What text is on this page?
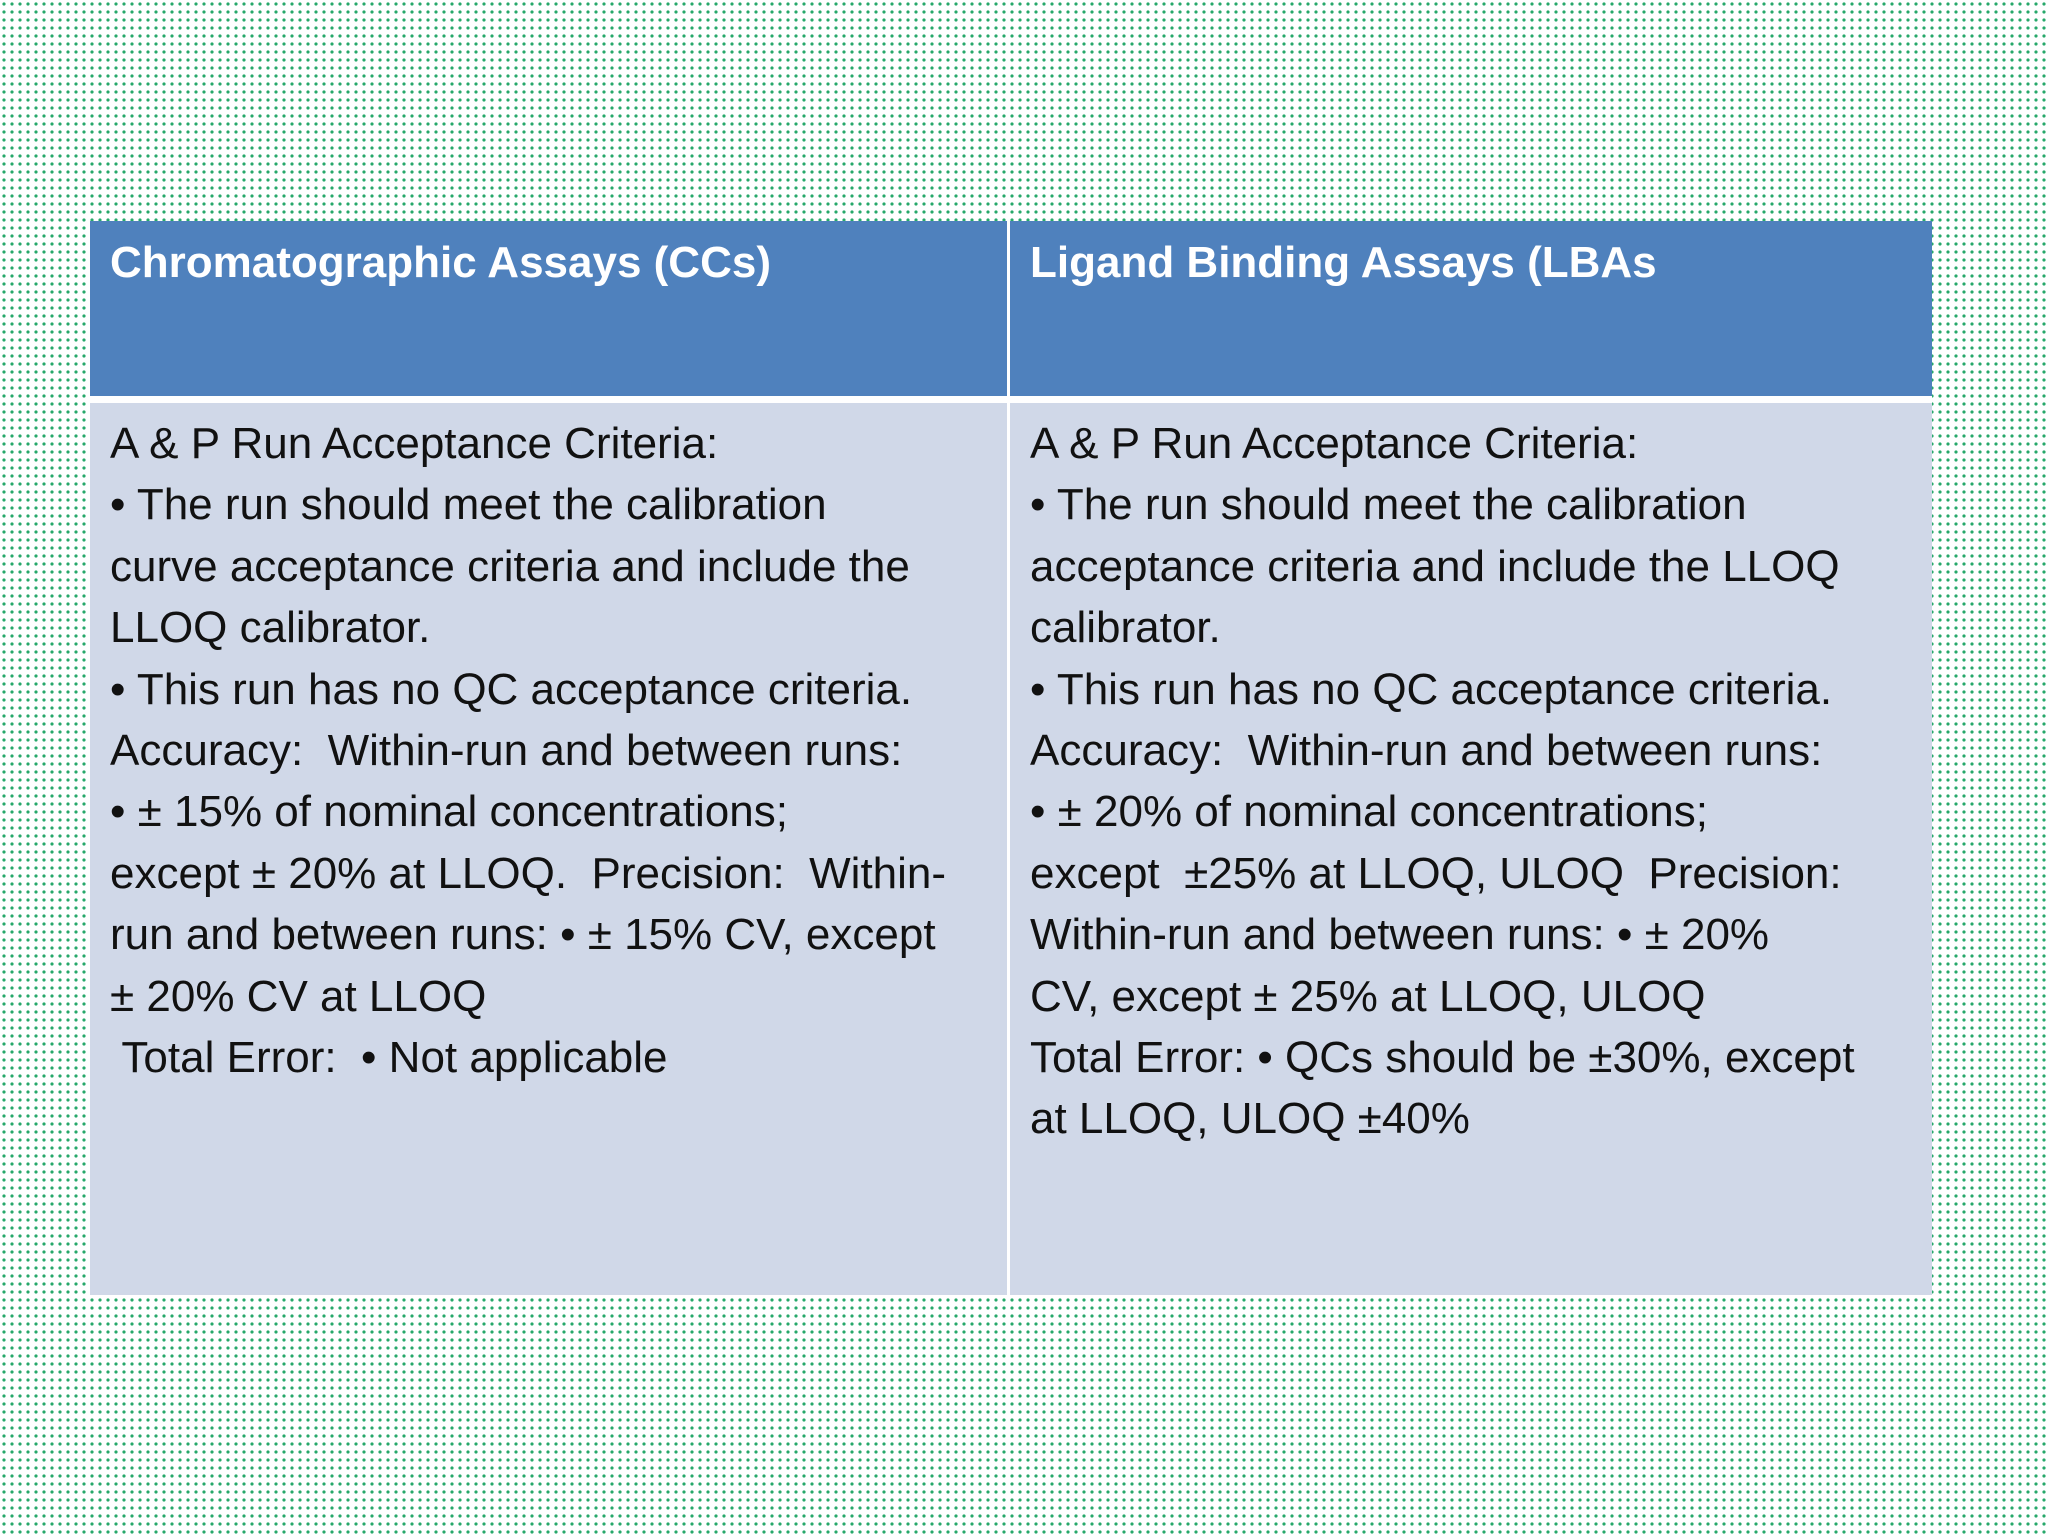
Chromatographic Assays (CCs)	Ligand Binding Assays (LBAs
A & P Run Acceptance Criteria:
• The run should meet the calibration
curve acceptance criteria and include the
LLOQ calibrator.
• This run has no QC acceptance criteria.
Accuracy:  Within-run and between runs:
• ± 15% of nominal concentrations;
except ± 20% at LLOQ.  Precision:  Within-
run and between runs: • ± 15% CV, except
± 20% CV at LLOQ
Total Error:  • Not applicable
A & P Run Acceptance Criteria:
• The run should meet the calibration
acceptance criteria and include the LLOQ
calibrator.
• This run has no QC acceptance criteria.
Accuracy:  Within-run and between runs:
• ± 20% of nominal concentrations;
except  ±25% at LLOQ, ULOQ  Precision:
Within-run and between runs: • ± 20%
CV, except ± 25% at LLOQ, ULOQ
Total Error: • QCs should be ±30%, except
at LLOQ, ULOQ ±40%
